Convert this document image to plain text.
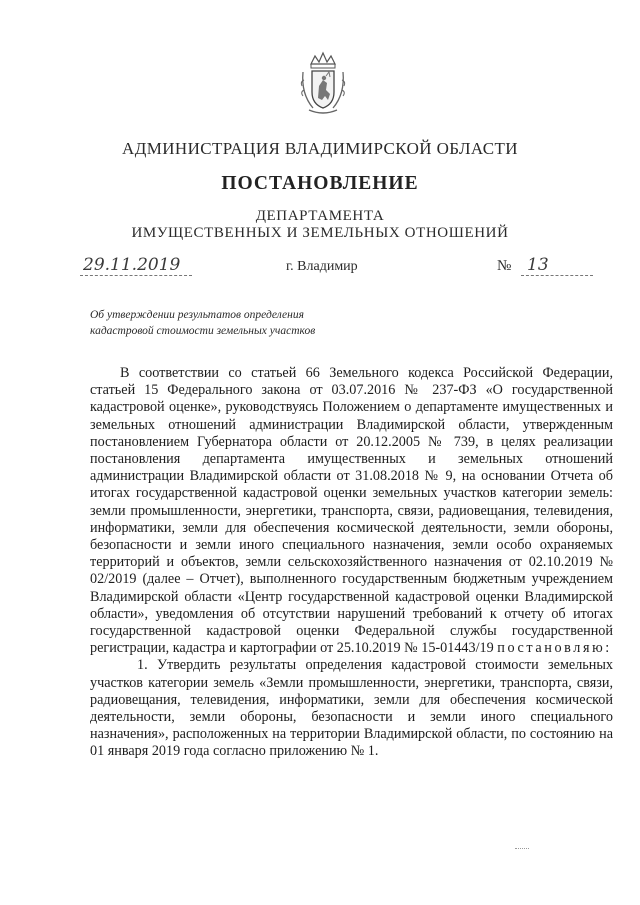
АДМИНИСТРАЦИЯ ВЛАДИМИРСКОЙ ОБЛАСТИ
ПОСТАНОВЛЕНИЕ
ДЕПАРТАМЕНТА
ИМУЩЕСТВЕННЫХ И ЗЕМЕЛЬНЫХ ОТНОШЕНИЙ
29.11.2019	г. Владимир	№ 13
Об утверждении результатов определения
кадастровой стоимости земельных участков

В соответствии со статьей 66 Земельного кодекса Российской Федерации, статьей 15 Федерального закона от 03.07.2016 № 237-ФЗ «О государственной кадастровой оценке», руководствуясь Положением о департаменте имущественных и земельных отношений администрации Владимирской области, утвержденным постановлением Губернатора области от 20.12.2005 № 739, в целях реализации постановления департамента имущественных и земельных отношений администрации Владимирской области от 31.08.2018 № 9, на основании Отчета об итогах государственной кадастровой оценки земельных участков категории земель: земли промышленности, энергетики, транспорта, связи, радиовещания, телевидения, информатики, земли для обеспечения космической деятельности, земли обороны, безопасности и земли иного специального назначения, земли особо охраняемых территорий и объектов, земли сельскохозяйственного назначения от 02.10.2019 № 02/2019 (далее – Отчет), выполненного государственным бюджетным учреждением Владимирской области «Центр государственной кадастровой оценки Владимирской области», уведомления об отсутствии нарушений требований к отчету об итогах государственной кадастровой оценки Федеральной службы государственной регистрации, кадастра и картографии от 25.10.2019 № 15-01443/19 постановляю:

1. Утвердить результаты определения кадастровой стоимости земельных участков категории земель «Земли промышленности, энергетики, транспорта, связи, радиовещания, телевидения, информатики, земли для обеспечения космической деятельности, земли обороны, безопасности и земли иного специального назначения», расположенных на территории Владимирской области, по состоянию на 01 января 2019 года согласно приложению № 1.
